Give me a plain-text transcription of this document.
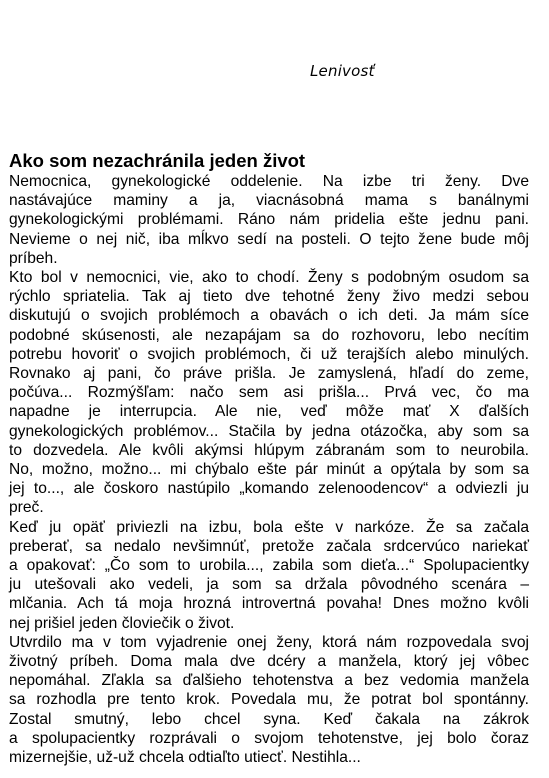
Lenivosť
Ako som nezachránila jeden život
Nemocnica, gynekologické oddelenie. Na izbe tri ženy. Dve
nastávajúce maminy a ja, viacnásobná mama s banálnymi
gynekologickými problémami. Ráno nám pridelia ešte jednu pani.
Nevieme o nej nič, iba mĺkvo sedí na posteli. O tejto žene bude môj
príbeh.
Kto bol v nemocnici, vie, ako to chodí. Ženy s podobným osudom sa
rýchlo spriatelia. Tak aj tieto dve tehotné ženy živo medzi sebou
diskutujú o svojich problémoch a obavách o ich deti. Ja mám síce
podobné skúsenosti, ale nezapájam sa do rozhovoru, lebo necítim
potrebu hovoriť o svojich problémoch, či už terajších alebo minulých.
Rovnako aj pani, čo práve prišla. Je zamyslená, hľadí do zeme,
počúva... Rozmýšľam: načo sem asi prišla... Prvá vec, čo ma
napadne je interrupcia. Ale nie, veď môže mať X ďalších
gynekologických problémov... Stačila by jedna otázočka, aby som sa
to dozvedela. Ale kvôli akýmsi hlúpym zábranám som to neurobila.
No, možno, možno... mi chýbalo ešte pár minút a opýtala by som sa
jej to..., ale čoskoro nastúpilo „komando zelenoodencov“ a odviezli ju
preč.
Keď ju opäť priviezli na izbu, bola ešte v narkóze. Že sa začala
preberať, sa nedalo nevšimnúť, pretože začala srdcervúco nariekať
a opakovať: „Čo som to urobila..., zabila som dieťa...“ Spolupacientky
ju utešovali ako vedeli, ja som sa držala pôvodného scenára –
mlčania. Ach tá moja hrozná introvertná povaha! Dnes možno kvôli
nej prišiel jeden človiečik o život.
Utvrdilo ma v tom vyjadrenie onej ženy, ktorá nám rozpovedala svoj
životný príbeh. Doma mala dve dcéry a manžela, ktorý jej vôbec
nepomáhal. Zľakla sa ďalšieho tehotenstva a bez vedomia manžela
sa rozhodla pre tento krok. Povedala mu, že potrat bol spontánny.
Zostal smutný, lebo chcel syna. Keď čakala na zákrok
a spolupacientky rozprávali o svojom tehotenstve, jej bolo čoraz
mizernejšie, už-už chcela odtiaľto utiecť. Nestihla...
